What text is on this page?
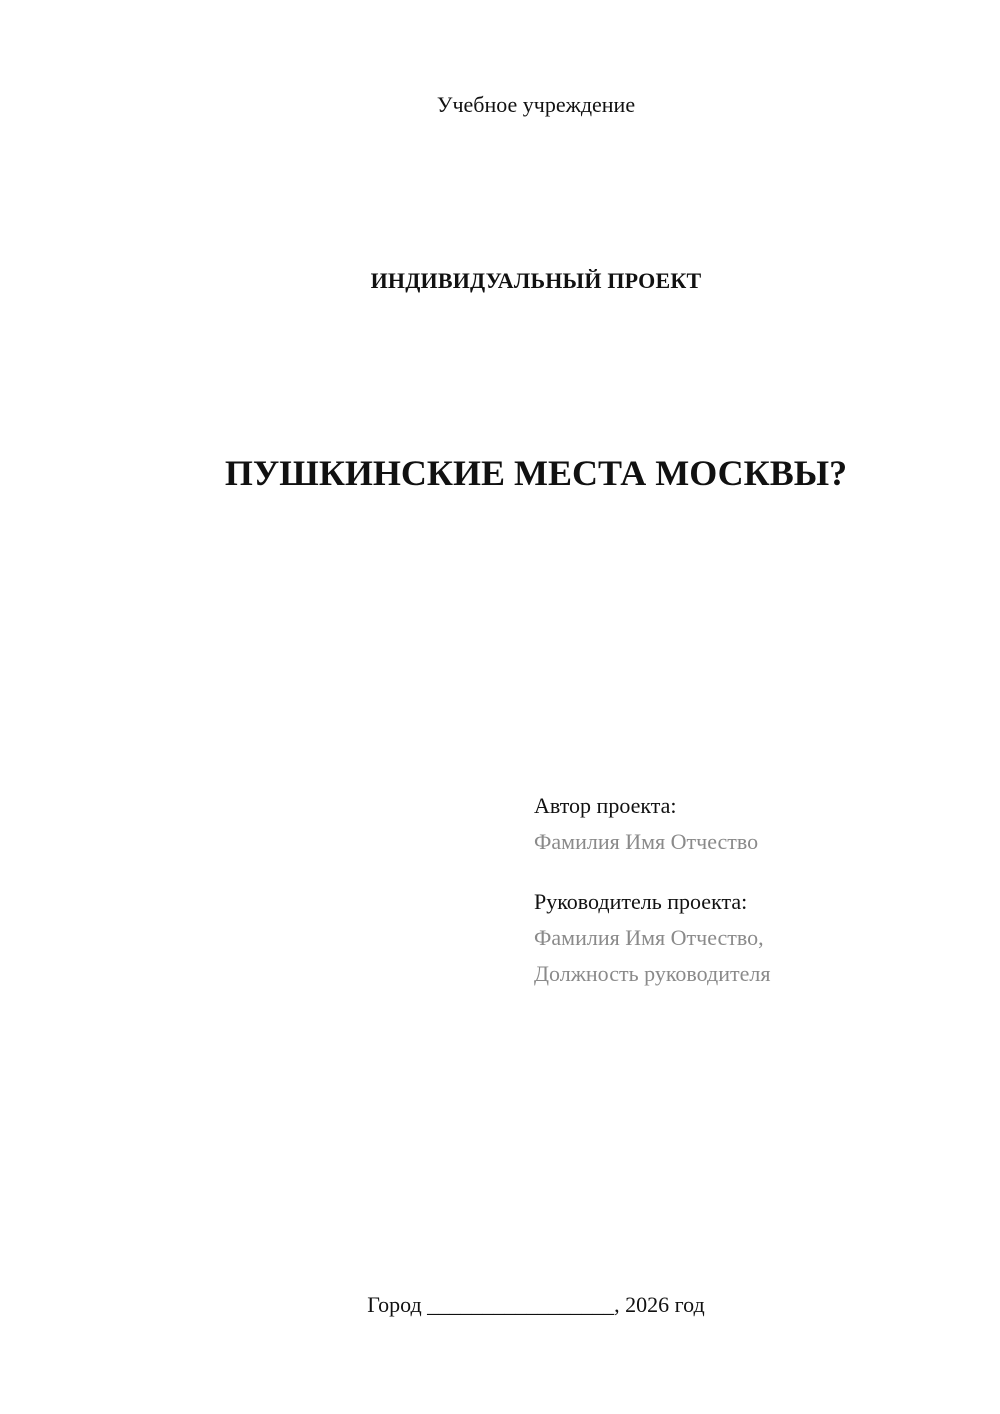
Учебное учреждение
ИНДИВИДУАЛЬНЫЙ ПРОЕКТ
ПУШКИНСКИЕ МЕСТА МОСКВЫ?
Автор проекта:
Фамилия Имя Отчество
Руководитель проекта:
Фамилия Имя Отчество,
Должность руководителя
Город _________________, 2026 год
